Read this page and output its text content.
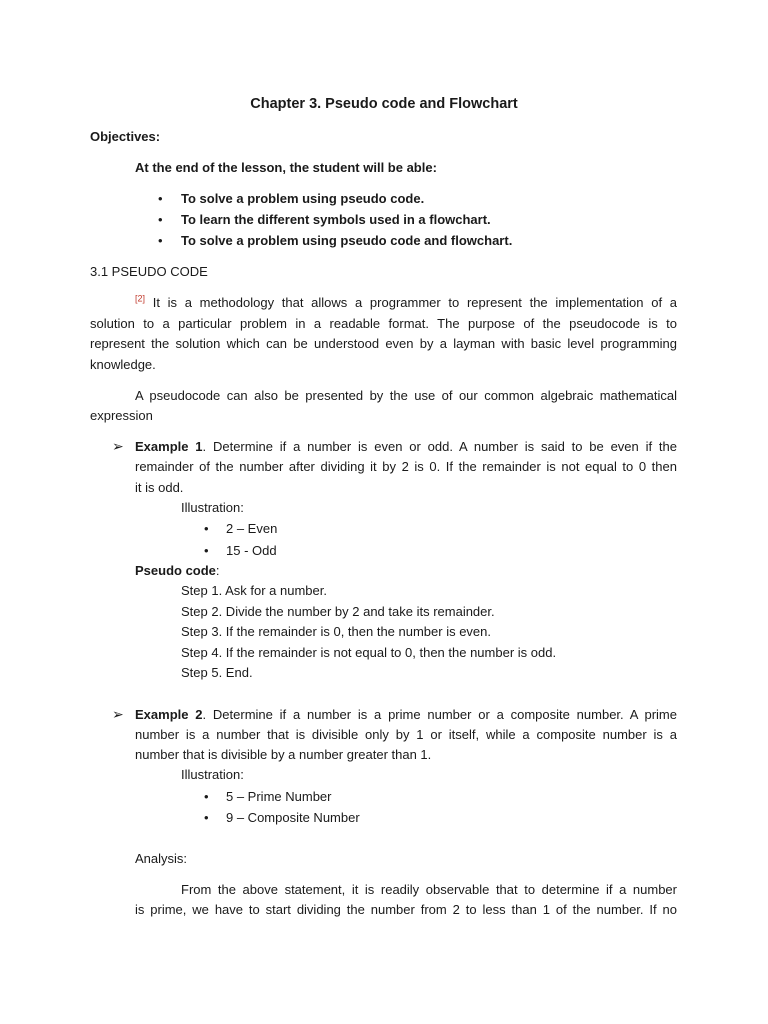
Chapter 3. Pseudo code and Flowchart
Objectives:
At the end of the lesson, the student will be able:
• To solve a problem using pseudo code.
• To learn the different symbols used in a flowchart.
• To solve a problem using pseudo code and flowchart.
3.1 PSEUDO CODE
[2] It is a methodology that allows a programmer to represent the implementation of a
solution to a particular problem in a readable format. The purpose of the pseudocode is to
represent the solution which can be understood even by a layman with basic level programming
knowledge.
A pseudocode can also be presented by the use of our common algebraic mathematical
expression
➢ Example 1. Determine if a number is even or odd. A number is said to be even if the
remainder of the number after dividing it by 2 is 0. If the remainder is not equal to 0 then
it is odd.
Illustration:
• 2 – Even
• 15 - Odd
Pseudo code:
Step 1. Ask for a number.
Step 2. Divide the number by 2 and take its remainder.
Step 3. If the remainder is 0, then the number is even.
Step 4. If the remainder is not equal to 0, then the number is odd.
Step 5. End.
➢ Example 2. Determine if a number is a prime number or a composite number. A prime
number is a number that is divisible only by 1 or itself, while a composite number is a
number that is divisible by a number greater than 1.
Illustration:
• 5 – Prime Number
• 9 – Composite Number
Analysis:
From the above statement, it is readily observable that to determine if a number
is prime, we have to start dividing the number from 2 to less than 1 of the number. If no
